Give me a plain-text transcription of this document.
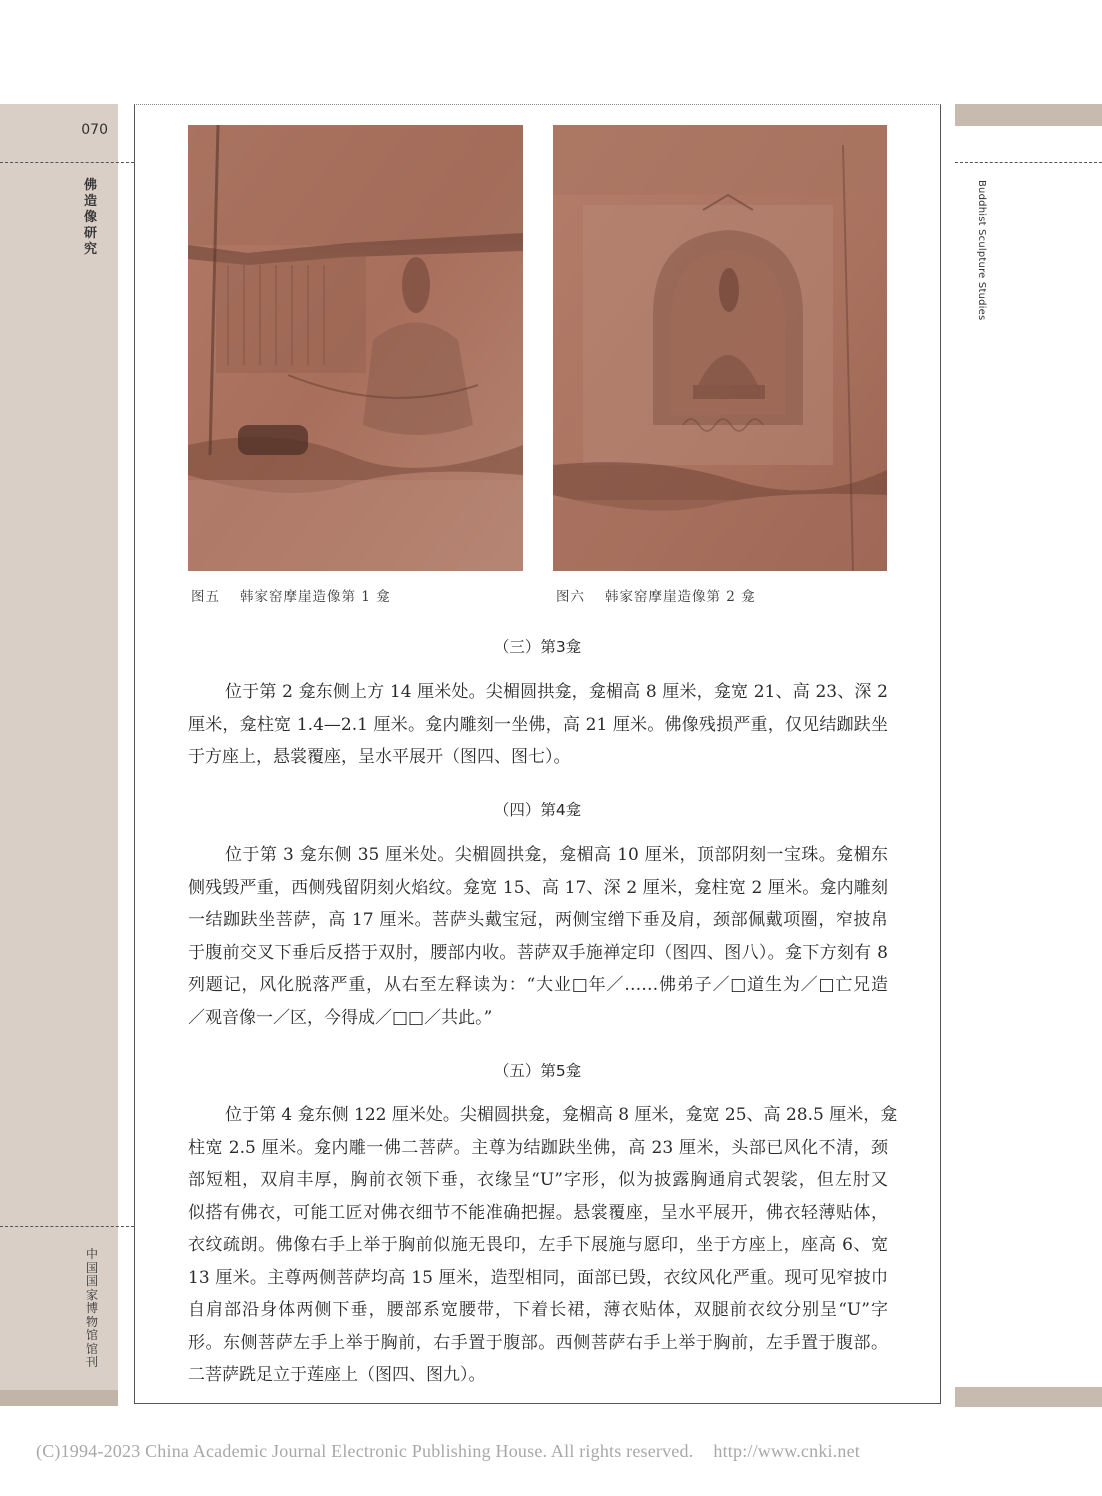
070
佛造像研究
中国国家博物馆馆刊
Buddhist Sculpture Studies
图五 韩家窑摩崖造像第 1 龛	图六 韩家窑摩崖造像第 2 龛
（三）第3龛
位于第 2 龛东侧上方 14 厘米处。尖楣圆拱龛，龛楣高 8 厘米，龛宽 21、高 23、深 2
厘米，龛柱宽 1.4—2.1 厘米。龛内雕刻一坐佛，高 21 厘米。佛像残损严重，仅见结跏趺坐
于方座上，悬裳覆座，呈水平展开（图四、图七）。
（四）第4龛
位于第 3 龛东侧 35 厘米处。尖楣圆拱龛，龛楣高 10 厘米，顶部阴刻一宝珠。龛楣东
侧残毁严重，西侧残留阴刻火焰纹。龛宽 15、高 17、深 2 厘米，龛柱宽 2 厘米。龛内雕刻
一结跏趺坐菩萨，高 17 厘米。菩萨头戴宝冠，两侧宝缯下垂及肩，颈部佩戴项圈，窄披帛
于腹前交叉下垂后反搭于双肘，腰部内收。菩萨双手施禅定印（图四、图八）。龛下方刻有 8
列题记，风化脱落严重，从右至左释读为：“大业□年／……佛弟子／□道生为／□亡兄造
／观音像一／区，今得成／□□／共此。”
（五）第5龛
位于第 4 龛东侧 122 厘米处。尖楣圆拱龛，龛楣高 8 厘米，龛宽 25、高 28.5 厘米，龛
柱宽 2.5 厘米。龛内雕一佛二菩萨。主尊为结跏趺坐佛，高 23 厘米，头部已风化不清，颈
部短粗，双肩丰厚，胸前衣领下垂，衣缘呈“U”字形，似为披露胸通肩式袈裟，但左肘又
似搭有佛衣，可能工匠对佛衣细节不能准确把握。悬裳覆座，呈水平展开，佛衣轻薄贴体，
衣纹疏朗。佛像右手上举于胸前似施无畏印，左手下展施与愿印，坐于方座上，座高 6、宽
13 厘米。主尊两侧菩萨均高 15 厘米，造型相同，面部已毁，衣纹风化严重。现可见窄披巾
自肩部沿身体两侧下垂，腰部系宽腰带，下着长裙，薄衣贴体，双腿前衣纹分别呈“U”字
形。东侧菩萨左手上举于胸前，右手置于腹部。西侧菩萨右手上举于胸前，左手置于腹部。
二菩萨跣足立于莲座上（图四、图九）。
(C)1994-2023 China Academic Journal Electronic Publishing House. All rights reserved. http://www.cnki.net
